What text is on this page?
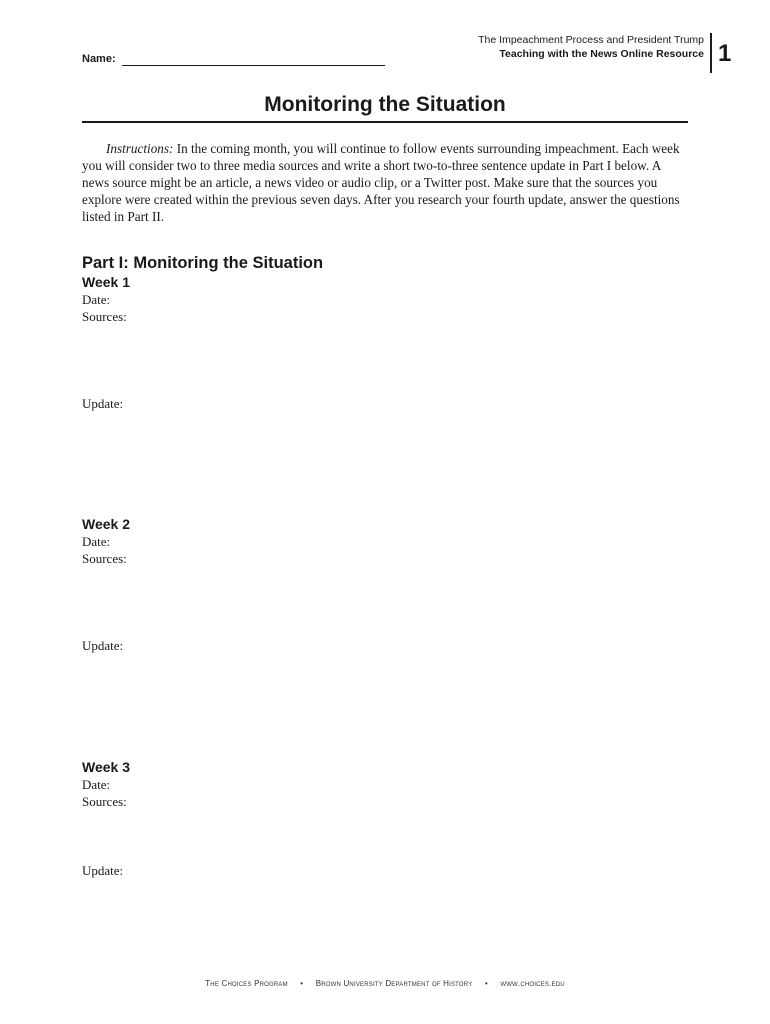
The Impeachment Process and President Trump
Teaching with the News Online Resource 1
Name:
Monitoring the Situation

Instructions: In the coming month, you will continue to follow events surrounding impeachment. Each week you will consider two to three media sources and write a short two-to-three sentence update in Part I below. A news source might be an article, a news video or audio clip, or a Twitter post. Make sure that the sources you explore were created within the previous seven days. After you research your fourth update, answer the questions listed in Part II.

Part I: Monitoring the Situation
Week 1

Date:

Sources:

Update:
Week 2

Date:

Sources:

Update:
Week 3

Date:

Sources:

Update:
The Choices Program • Brown University Department of History • www.choices.edu
